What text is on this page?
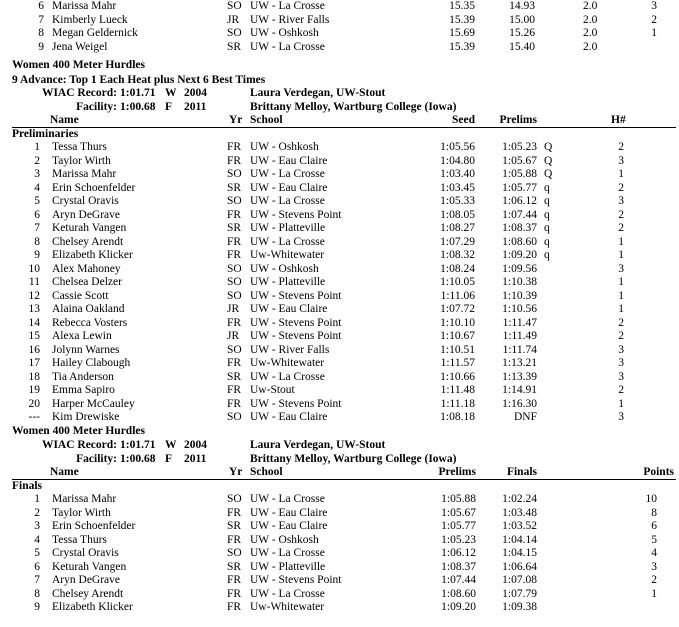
6 Marissa Mahr	SO UW - La Crosse	15.35	14.93	2.0	3
7 Kimberly Lueck	JR UW - River Falls	15.39	15.00	2.0	2
8 Megan Geldernick	SO UW - Oshkosh	15.69	15.26	2.0	1
9 Jena Weigel	SR UW - La Crosse	15.39	15.40	2.0
Women 400 Meter Hurdles
9 Advance: Top 1 Each Heat plus Next 6 Best Times
WIAC Record: 1:01.71 W 2004	Laura Verdegan, UW-Stout
Facility: 1:00.68 F 2011	Brittany Melloy, Wartburg College (Iowa)
Name	Yr School	Seed	Prelims	H#
Preliminaries
1 Tessa Thurs	FR UW - Oshkosh	1:05.56	1:05.23 Q	2
2 Taylor Wirth	FR UW - Eau Claire	1:04.80	1:05.67 Q	3
3 Marissa Mahr	SO UW - La Crosse	1:03.40	1:05.88 Q	1
4 Erin Schoenfelder	SR UW - Eau Claire	1:03.45	1:05.77 q	2
5 Crystal Oravis	SO UW - La Crosse	1:05.33	1:06.12 q	3
6 Aryn DeGrave	FR UW - Stevens Point	1:08.05	1:07.44 q	2
7 Keturah Vangen	SR UW - Platteville	1:08.27	1:08.37 q	2
8 Chelsey Arendt	FR UW - La Crosse	1:07.29	1:08.60 q	1
9 Elizabeth Klicker	FR Uw-Whitewater	1:08.32	1:09.20 q	1
10 Alex Mahoney	SO UW - Oshkosh	1:08.24	1:09.56	3
11 Chelsea Delzer	SO UW - Platteville	1:10.05	1:10.38	1
12 Cassie Scott	SO UW - Stevens Point	1:11.06	1:10.39	1
13 Alaina Oakland	JR UW - Eau Claire	1:07.72	1:10.56	1
14 Rebecca Vosters	FR UW - Stevens Point	1:10.10	1:11.47	2
15 Alexa Lewin	JR UW - Stevens Point	1:10.67	1:11.49	2
16 Jolynn Warnes	SO UW - River Falls	1:10.51	1:11.74	3
17 Hailey Clabough	FR Uw-Whitewater	1:11.57	1:13.21	3
18 Tia Anderson	SR UW - La Crosse	1:10.66	1:13.39	3
19 Emma Sapiro	FR Uw-Stout	1:11.48	1:14.91	2
20 Harper McCauley	FR UW - Stevens Point	1:11.18	1:16.30	1
--- Kim Drewiske	SO UW - Eau Claire	1:08.18	DNF	3
Women 400 Meter Hurdles
WIAC Record: 1:01.71 W 2004	Laura Verdegan, UW-Stout
Facility: 1:00.68 F 2011	Brittany Melloy, Wartburg College (Iowa)
Name	Yr School	Prelims	Finals	Points
Finals
1 Marissa Mahr	SO UW - La Crosse	1:05.88	1:02.24	10
2 Taylor Wirth	FR UW - Eau Claire	1:05.67	1:03.48	8
3 Erin Schoenfelder	SR UW - Eau Claire	1:05.77	1:03.52	6
4 Tessa Thurs	FR UW - Oshkosh	1:05.23	1:04.14	5
5 Crystal Oravis	SO UW - La Crosse	1:06.12	1:04.15	4
6 Keturah Vangen	SR UW - Platteville	1:08.37	1:06.64	3
7 Aryn DeGrave	FR UW - Stevens Point	1:07.44	1:07.08	2
8 Chelsey Arendt	FR UW - La Crosse	1:08.60	1:07.79	1
9 Elizabeth Klicker	FR Uw-Whitewater	1:09.20	1:09.38
